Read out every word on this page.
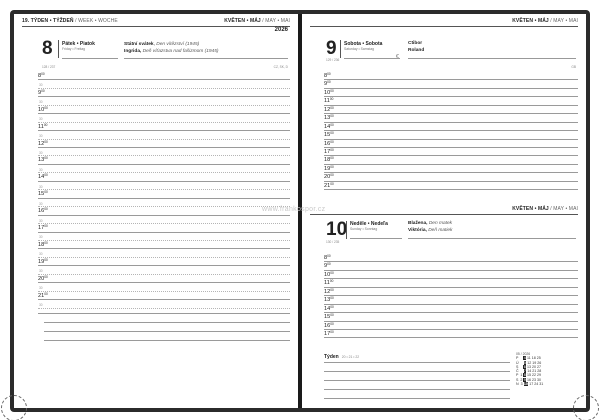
19. TÝDEN • TÝŽDEŇ / WEEK • WOCHE	KVĚTEN • MÁJ / MAY • MAI
2026
8 Pátek • Piatok
Friday • Freitag
128 / 237	CZ, SK, D
Státní svátek, Den vítězství (1945)
Ingrida, Deň víťazstva nad fašizmom (1945)
$8^{00}$
30
$9^{00}$
30
$10^{00}$
30
$11^{00}$
30
$12^{00}$
30
$13^{00}$
30
$14^{00}$
30
$15^{00}$
30
$16^{00}$
30
$17^{00}$
30
$18^{00}$
30
$19^{00}$
30
$20^{00}$
30
$21^{00}$
30
KVĚTEN • MÁJ / MAY • MAI
9 Sobota • Sobota
Saturday • Samstag
129 / 236
GB
Ctibor
Roland
€
$8^{00}$
$9^{00}$
$10^{00}$
$11^{00}$
$12^{00}$
$13^{00}$
$14^{00}$
$15^{00}$
$16^{00}$
$17^{00}$
$18^{00}$
$19^{00}$
$20^{00}$
$21^{00}$
KVĚTEN • MÁJ / MAY • MAI
10 Neděle • Nedeľa
Sunday • Sonntag
130 / 235
Blažena, Den matek
Viktória, Deň matiek
$8^{00}$
$9^{00}$
$10^{00}$
$11^{00}$
$12^{00}$
$13^{00}$
$14^{00}$
$15^{00}$
$16^{00}$
$17^{00}$
Týden 20 • 21 • 22
05 / 2026
P 4 11 18 25
Ú 5 12 19 26
S 6 13 20 27
Č 7 14 21 28
P 1 8 15 22 29
S 2 9 16 23 30
N 3 10 17 24 31
www.frankospor.cz
